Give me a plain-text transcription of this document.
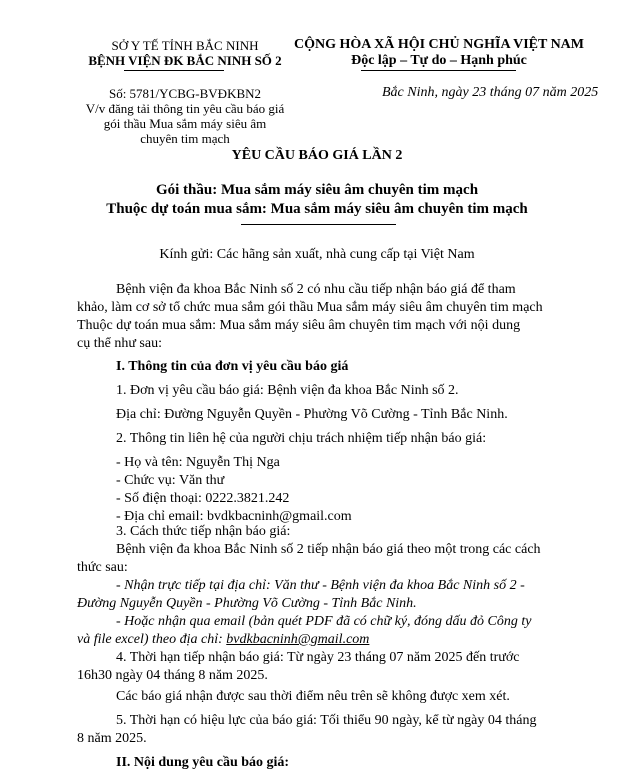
SỞ Y TẾ TỈNH BẮC NINH
BỆNH VIỆN ĐK BẮC NINH SỐ 2
CỘNG HÒA XÃ HỘI CHỦ NGHĨA VIỆT NAM
Độc lập – Tự do – Hạnh phúc
Số: 5781/YCBG-BVĐKBN2
V/v đăng tải thông tin yêu cầu báo giá
gói thầu Mua sắm máy siêu âm
chuyên tim mạch
Bắc Ninh, ngày 23 tháng 07 năm 2025
YÊU CẦU BÁO GIÁ LẦN 2
Gói thầu: Mua sắm máy siêu âm chuyên tim mạch
Thuộc dự toán mua sắm: Mua sắm máy siêu âm chuyên tim mạch
Kính gửi: Các hãng sản xuất, nhà cung cấp tại Việt Nam
Bệnh viện đa khoa Bắc Ninh số 2 có nhu cầu tiếp nhận báo giá để tham
khảo, làm cơ sở tổ chức mua sắm gói thầu Mua sắm máy siêu âm chuyên tim mạch
Thuộc dự toán mua sắm: Mua sắm máy siêu âm chuyên tim mạch với nội dung
cụ thể như sau:
I. Thông tin của đơn vị yêu cầu báo giá
1. Đơn vị yêu cầu báo giá: Bệnh viện đa khoa Bắc Ninh số 2.
Địa chỉ: Đường Nguyễn Quyền - Phường Võ Cường - Tỉnh Bắc Ninh.
2. Thông tin liên hệ của người chịu trách nhiệm tiếp nhận báo giá:
- Họ và tên: Nguyễn Thị Nga
- Chức vụ: Văn thư
- Số điện thoại: 0222.3821.242
- Địa chỉ email: bvdkbacninh@gmail.com
3. Cách thức tiếp nhận báo giá:
Bệnh viện đa khoa Bắc Ninh số 2 tiếp nhận báo giá theo một trong các cách
thức sau:
- Nhận trực tiếp tại địa chỉ: Văn thư - Bệnh viện đa khoa Bắc Ninh số 2 -
Đường Nguyễn Quyền - Phường Võ Cường - Tỉnh Bắc Ninh.
- Hoặc nhận qua email (bản quét PDF đã có chữ ký, đóng dấu đỏ Công ty
và file excel) theo địa chỉ: bvdkbacninh@gmail.com
4. Thời hạn tiếp nhận báo giá: Từ ngày 23 tháng 07 năm 2025 đến trước
16h30 ngày 04 tháng 8 năm 2025.
Các báo giá nhận được sau thời điểm nêu trên sẽ không được xem xét.
5. Thời hạn có hiệu lực của báo giá: Tối thiểu 90 ngày, kể từ ngày 04 tháng
8 năm 2025.
II. Nội dung yêu cầu báo giá:
